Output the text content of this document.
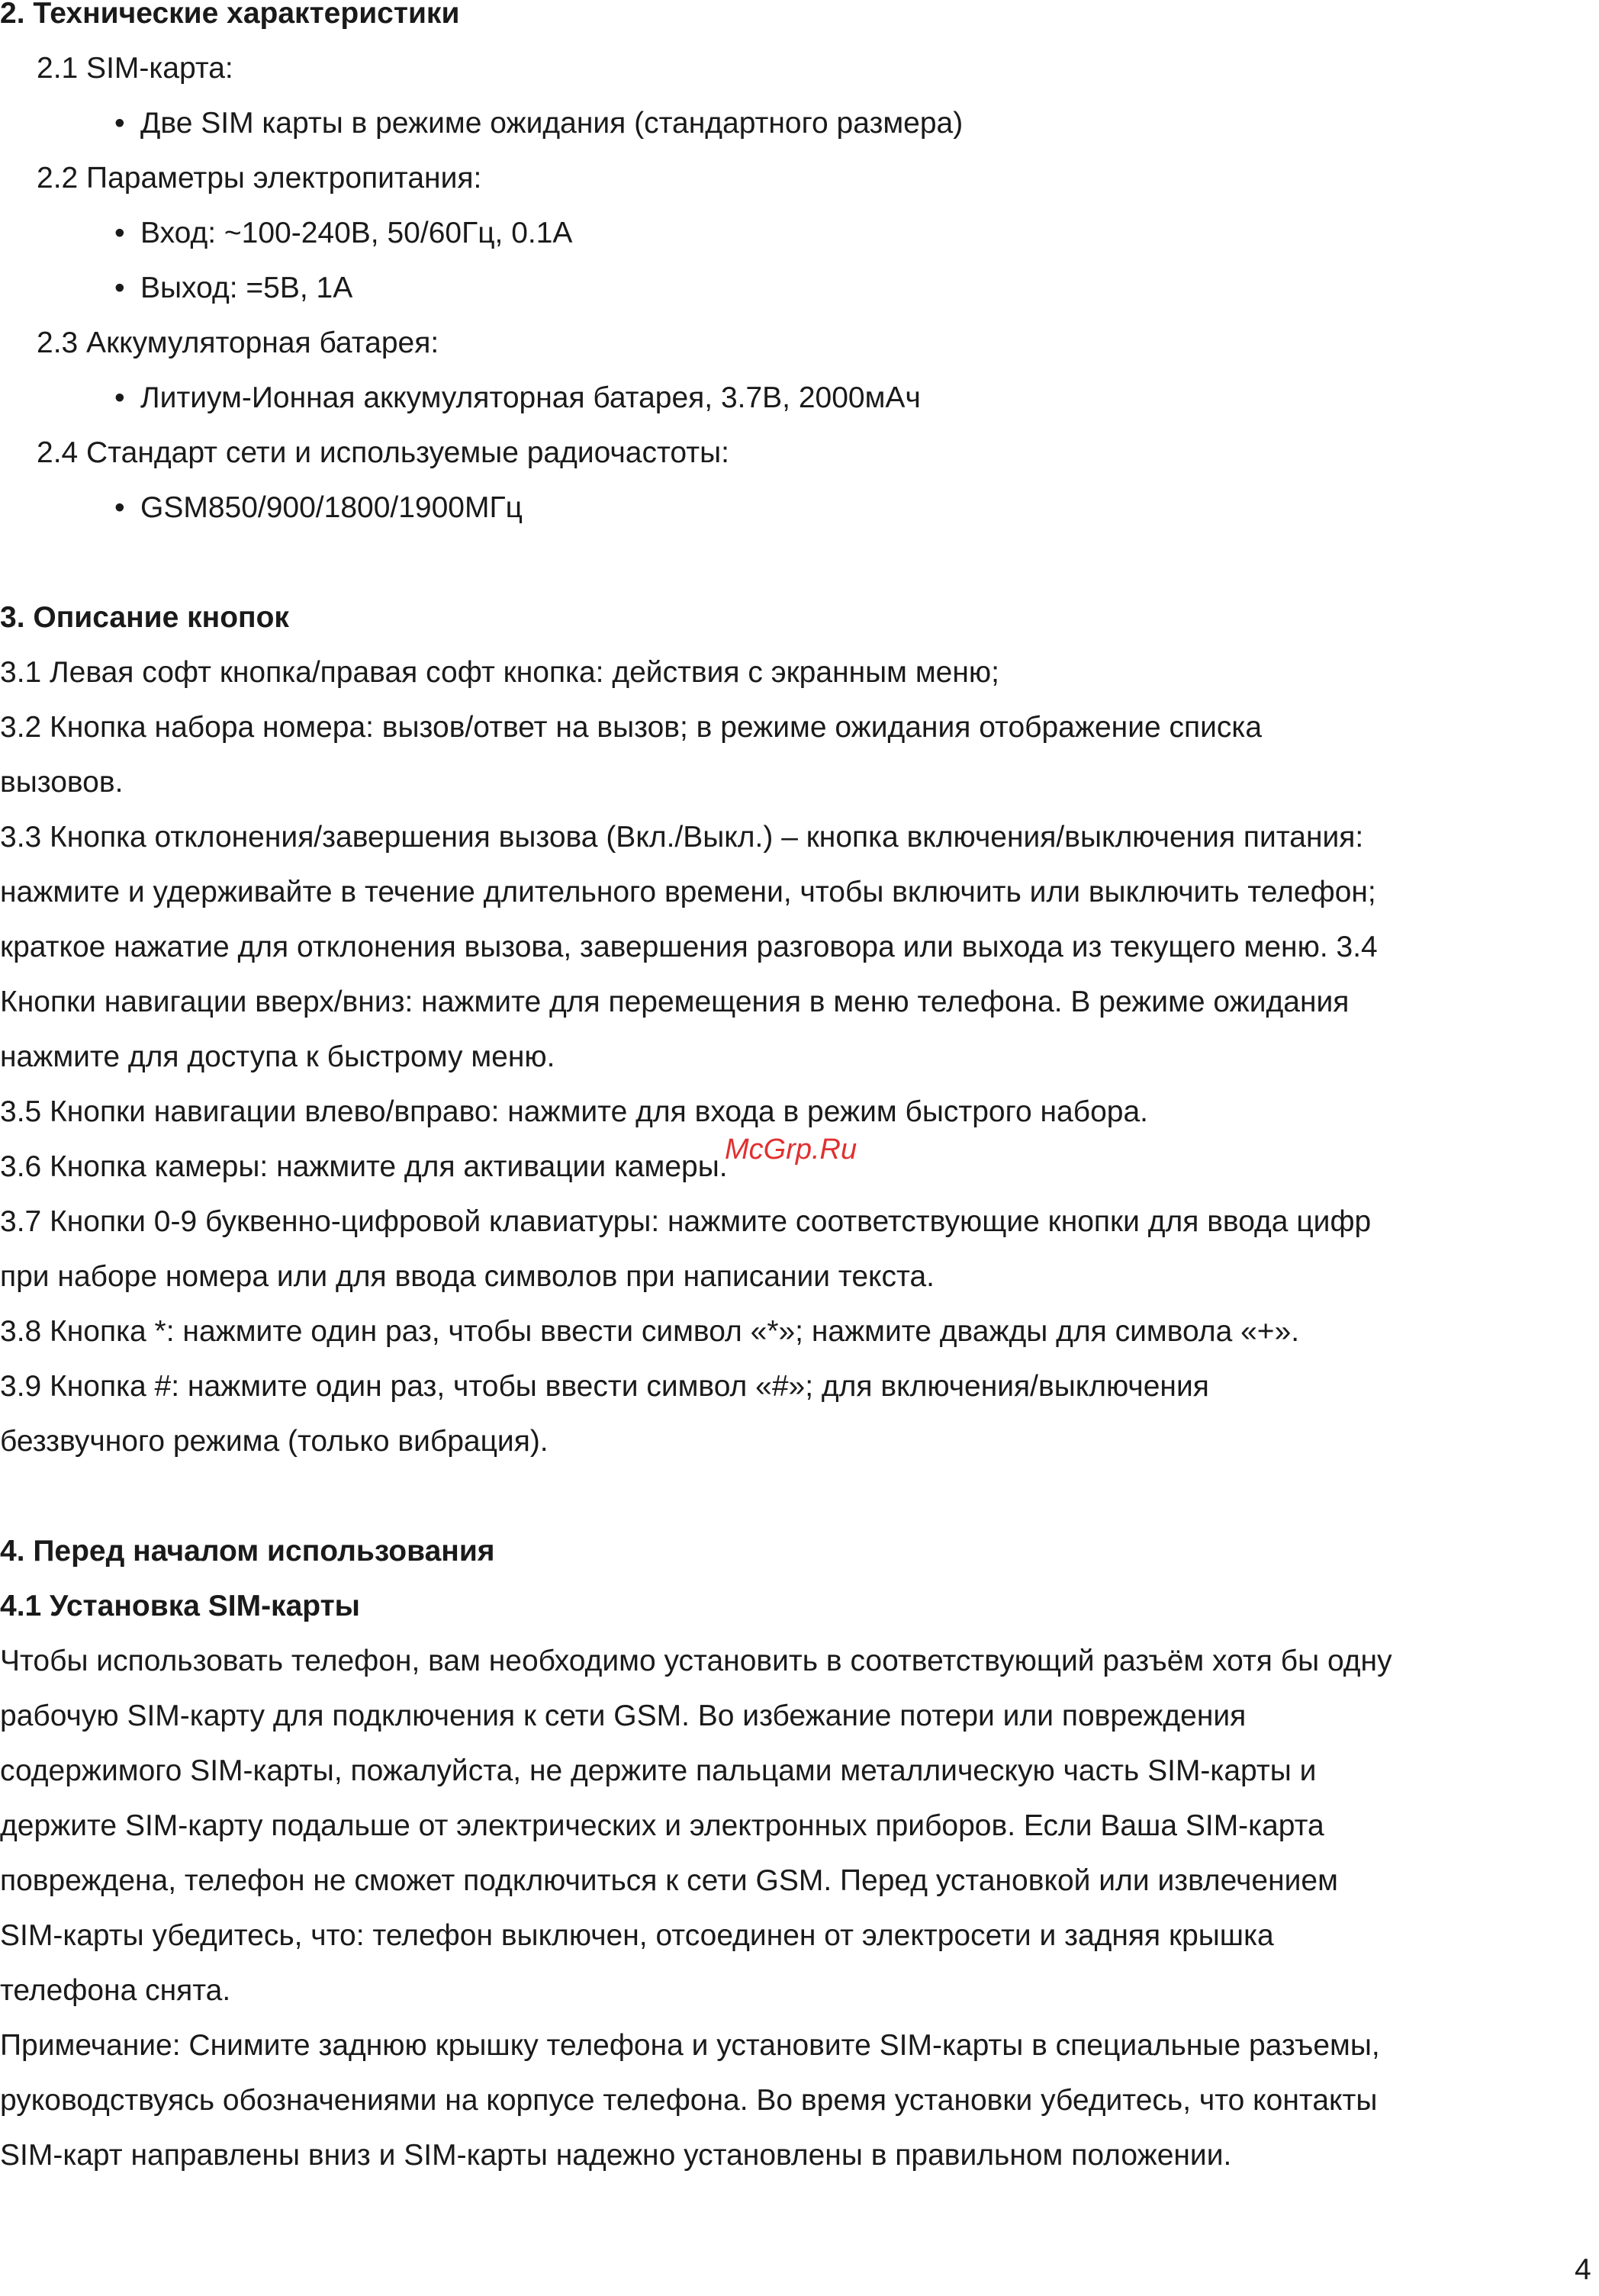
2. Технические характеристики

2.1 SIM-карта:

• Две SIM карты в режиме ожидания (стандартного размера)

2.2 Параметры электропитания:

• Вход: ~100-240В, 50/60Гц, 0.1А

• Выход: =5В, 1А

2.3 Аккумуляторная батарея:

• Литиум-Ионная аккумуляторная батарея, 3.7В, 2000мАч

2.4 Стандарт сети и используемые радиочастоты:

• GSM850/900/1800/1900МГц

3. Описание кнопок

3.1 Левая софт кнопка/правая софт кнопка: действия с экранным меню;

3.2 Кнопка набора номера: вызов/ответ на вызов; в режиме ожидания отображение списка

вызовов.

3.3 Кнопка отклонения/завершения вызова (Вкл./Выкл.) – кнопка включения/выключения питания:

нажмите и удерживайте в течение длительного времени, чтобы включить или выключить телефон;

краткое нажатие для отклонения вызова, завершения разговора или выхода из текущего меню. 3.4

Кнопки навигации вверх/вниз: нажмите для перемещения в меню телефона. В режиме ожидания

нажмите для доступа к быстрому меню.

3.5 Кнопки навигации влево/вправо: нажмите для входа в режим быстрого набора.

3.6 Кнопка камеры: нажмите для активации камеры.

3.7 Кнопки 0-9 буквенно-цифровой клавиатуры: нажмите соответствующие кнопки для ввода цифр

при наборе номера или для ввода символов при написании текста.

3.8 Кнопка *: нажмите один раз, чтобы ввести символ «*»; нажмите дважды для символа «+».

3.9 Кнопка #: нажмите один раз, чтобы ввести символ «#»; для включения/выключения

беззвучного режима (только вибрация).

4. Перед началом использования

4.1 Установка SIM-карты

Чтобы использовать телефон, вам необходимо установить в соответствующий разъём хотя бы одну

рабочую SIM-карту для подключения к сети GSM. Во избежание потери или повреждения

содержимого SIM-карты, пожалуйста, не держите пальцами металлическую часть SIM-карты и

держите SIM-карту подальше от электрических и электронных приборов. Если Ваша SIM-карта

повреждена, телефон не сможет подключиться к сети GSM. Перед установкой или извлечением

SIM-карты убедитесь, что: телефон выключен, отсоединен от электросети и задняя крышка

телефона снята.

Примечание: Снимите заднюю крышку телефона и установите SIM-карты в специальные разъемы,

руководствуясь обозначениями на корпусе телефона. Во время установки убедитесь, что контакты

SIM-карт направлены вниз и SIM-карты надежно установлены в правильном положении.

McGrp.Ru
4
